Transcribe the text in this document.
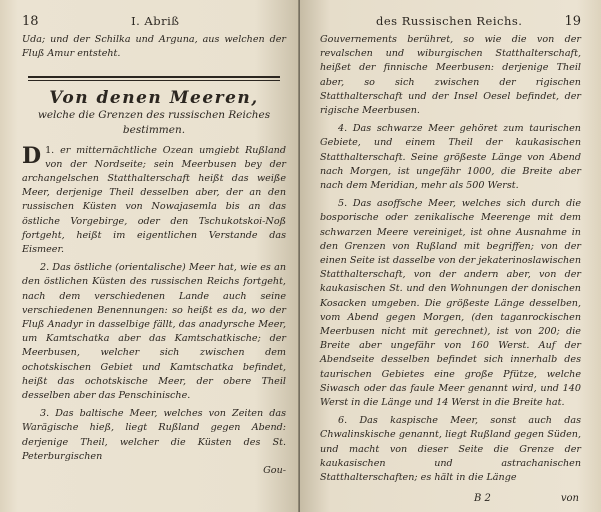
18	I. Abriß

Uda; und der Schilka und Arguna, aus welchen der Fluß Amur entsteht.

Von denen Meeren,
welche die Grenzen des russischen Reiches bestimmen.

1.
D er mitternächtliche Ozean umgiebt Rußland von der Nordseite; sein Meerbusen bey der archangelschen Statthalterschaft heißt das weiße Meer, derjenige Theil desselben aber, der an den russischen Küsten von Nowajasemla bis an das östliche Vorgebirge, oder den Tschukotskoi-Noß fortgeht, heißt im eigentlichen Verstande das Eismeer.

2. Das östliche (orientalische) Meer hat, wie es an den östlichen Küsten des russischen Reichs fortgeht, nach dem verschiedenen Lande auch seine verschiedenen Benennungen: so heißt es da, wo der Fluß Anadyr in dasselbige fällt, das anadyrsche Meer, um Kamtschatka aber das Kamtschatkische; der Meerbusen, welcher sich zwischen dem ochotskischen Gebiet und Kamtschatka befindet, heißt das ochotskische Meer, der obere Theil desselben aber das Penschinische.

3. Das baltische Meer, welches von Zeiten das Warägische hieß, liegt Rußland gegen Abend: derjenige Theil, welcher die Küsten des St. Peterburgischen

Gou-
des Russischen Reichs.	19

Gouvernements berühret, so wie die von der revalschen und wiburgischen Statthalterschaft, heißet der finnische Meerbusen: derjenige Theil aber, so sich zwischen der rigischen Statthalterschaft und der Insel Oesel befindet, der rigische Meerbusen.

4. Das schwarze Meer gehöret zum taurischen Gebiete, und einem Theil der kaukasischen Statthalterschaft. Seine größeste Länge von Abend nach Morgen, ist ungefähr 1000, die Breite aber nach dem Meridian, mehr als 500 Werst.

5. Das asoffsche Meer, welches sich durch die bosporische oder zenikalische Meerenge mit dem schwarzen Meere vereiniget, ist ohne Ausnahme in den Grenzen von Rußland mit begriffen; von der einen Seite ist dasselbe von der jekaterinoslawischen Statthalterschaft, von der andern aber, von der kaukasischen St. und den Wohnungen der donischen Kosacken umgeben. Die größeste Länge desselben, vom Abend gegen Morgen, (den taganrockischen Meerbusen nicht mit gerechnet), ist von 200; die Breite aber ungefähr von 160 Werst. Auf der Abendseite desselben befindet sich innerhalb des taurischen Gebietes eine große Pfütze, welche Siwasch oder das faule Meer genannt wird, und 140 Werst in die Länge und 14 Werst in die Breite hat.

6. Das kaspische Meer, sonst auch das Chwalinskische genannt, liegt Rußland gegen Süden, und macht von dieser Seite die Grenze der kaukasischen und astrachanischen Statthalterschaften; es hält in die Länge

B 2	von
